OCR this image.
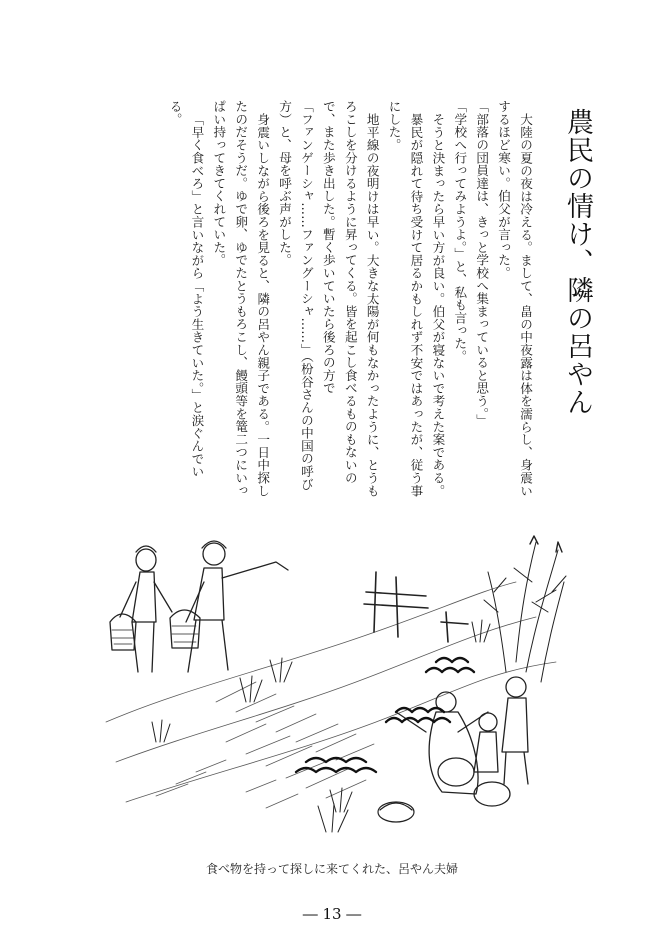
農民の情け、隣の呂やん

大陸の夏の夜は冷える。まして、畠の中夜露は体を濡らし、身震いするほど寒い。伯父が言った。

「部落の団員達は、きっと学校へ集まっていると思う。」

「学校へ行ってみようよ。」と、私も言った。

そうと決まったら早い方が良い。伯父が寝ないで考えた案である。

暴民が隠れて待ち受けて居るかもしれず不安ではあったが、従う事にした。

地平線の夜明けは早い。大きな太陽が何もなかったように、とうもろこしを分けるように昇ってくる。皆を起こし食べるものもないので、また歩き出した。暫く歩いていたら後ろの方で

「ファンゲーシャ……ファングーシャ……」（枌谷さんの中国の呼び方）と、母を呼ぶ声がした。

身震いしながら後ろを見ると、隣の呂やん親子である。一日中探したのだそうだ。ゆで卵、ゆでたとうもろこし、饅頭等を篭二つにいっぱい持ってきてくれていた。

「早く食べろ」と言いながら「よう生きていた。」と涙ぐんでいる。

食べ物を持って探しに来てくれた、呂やん夫婦
― 13 ―
